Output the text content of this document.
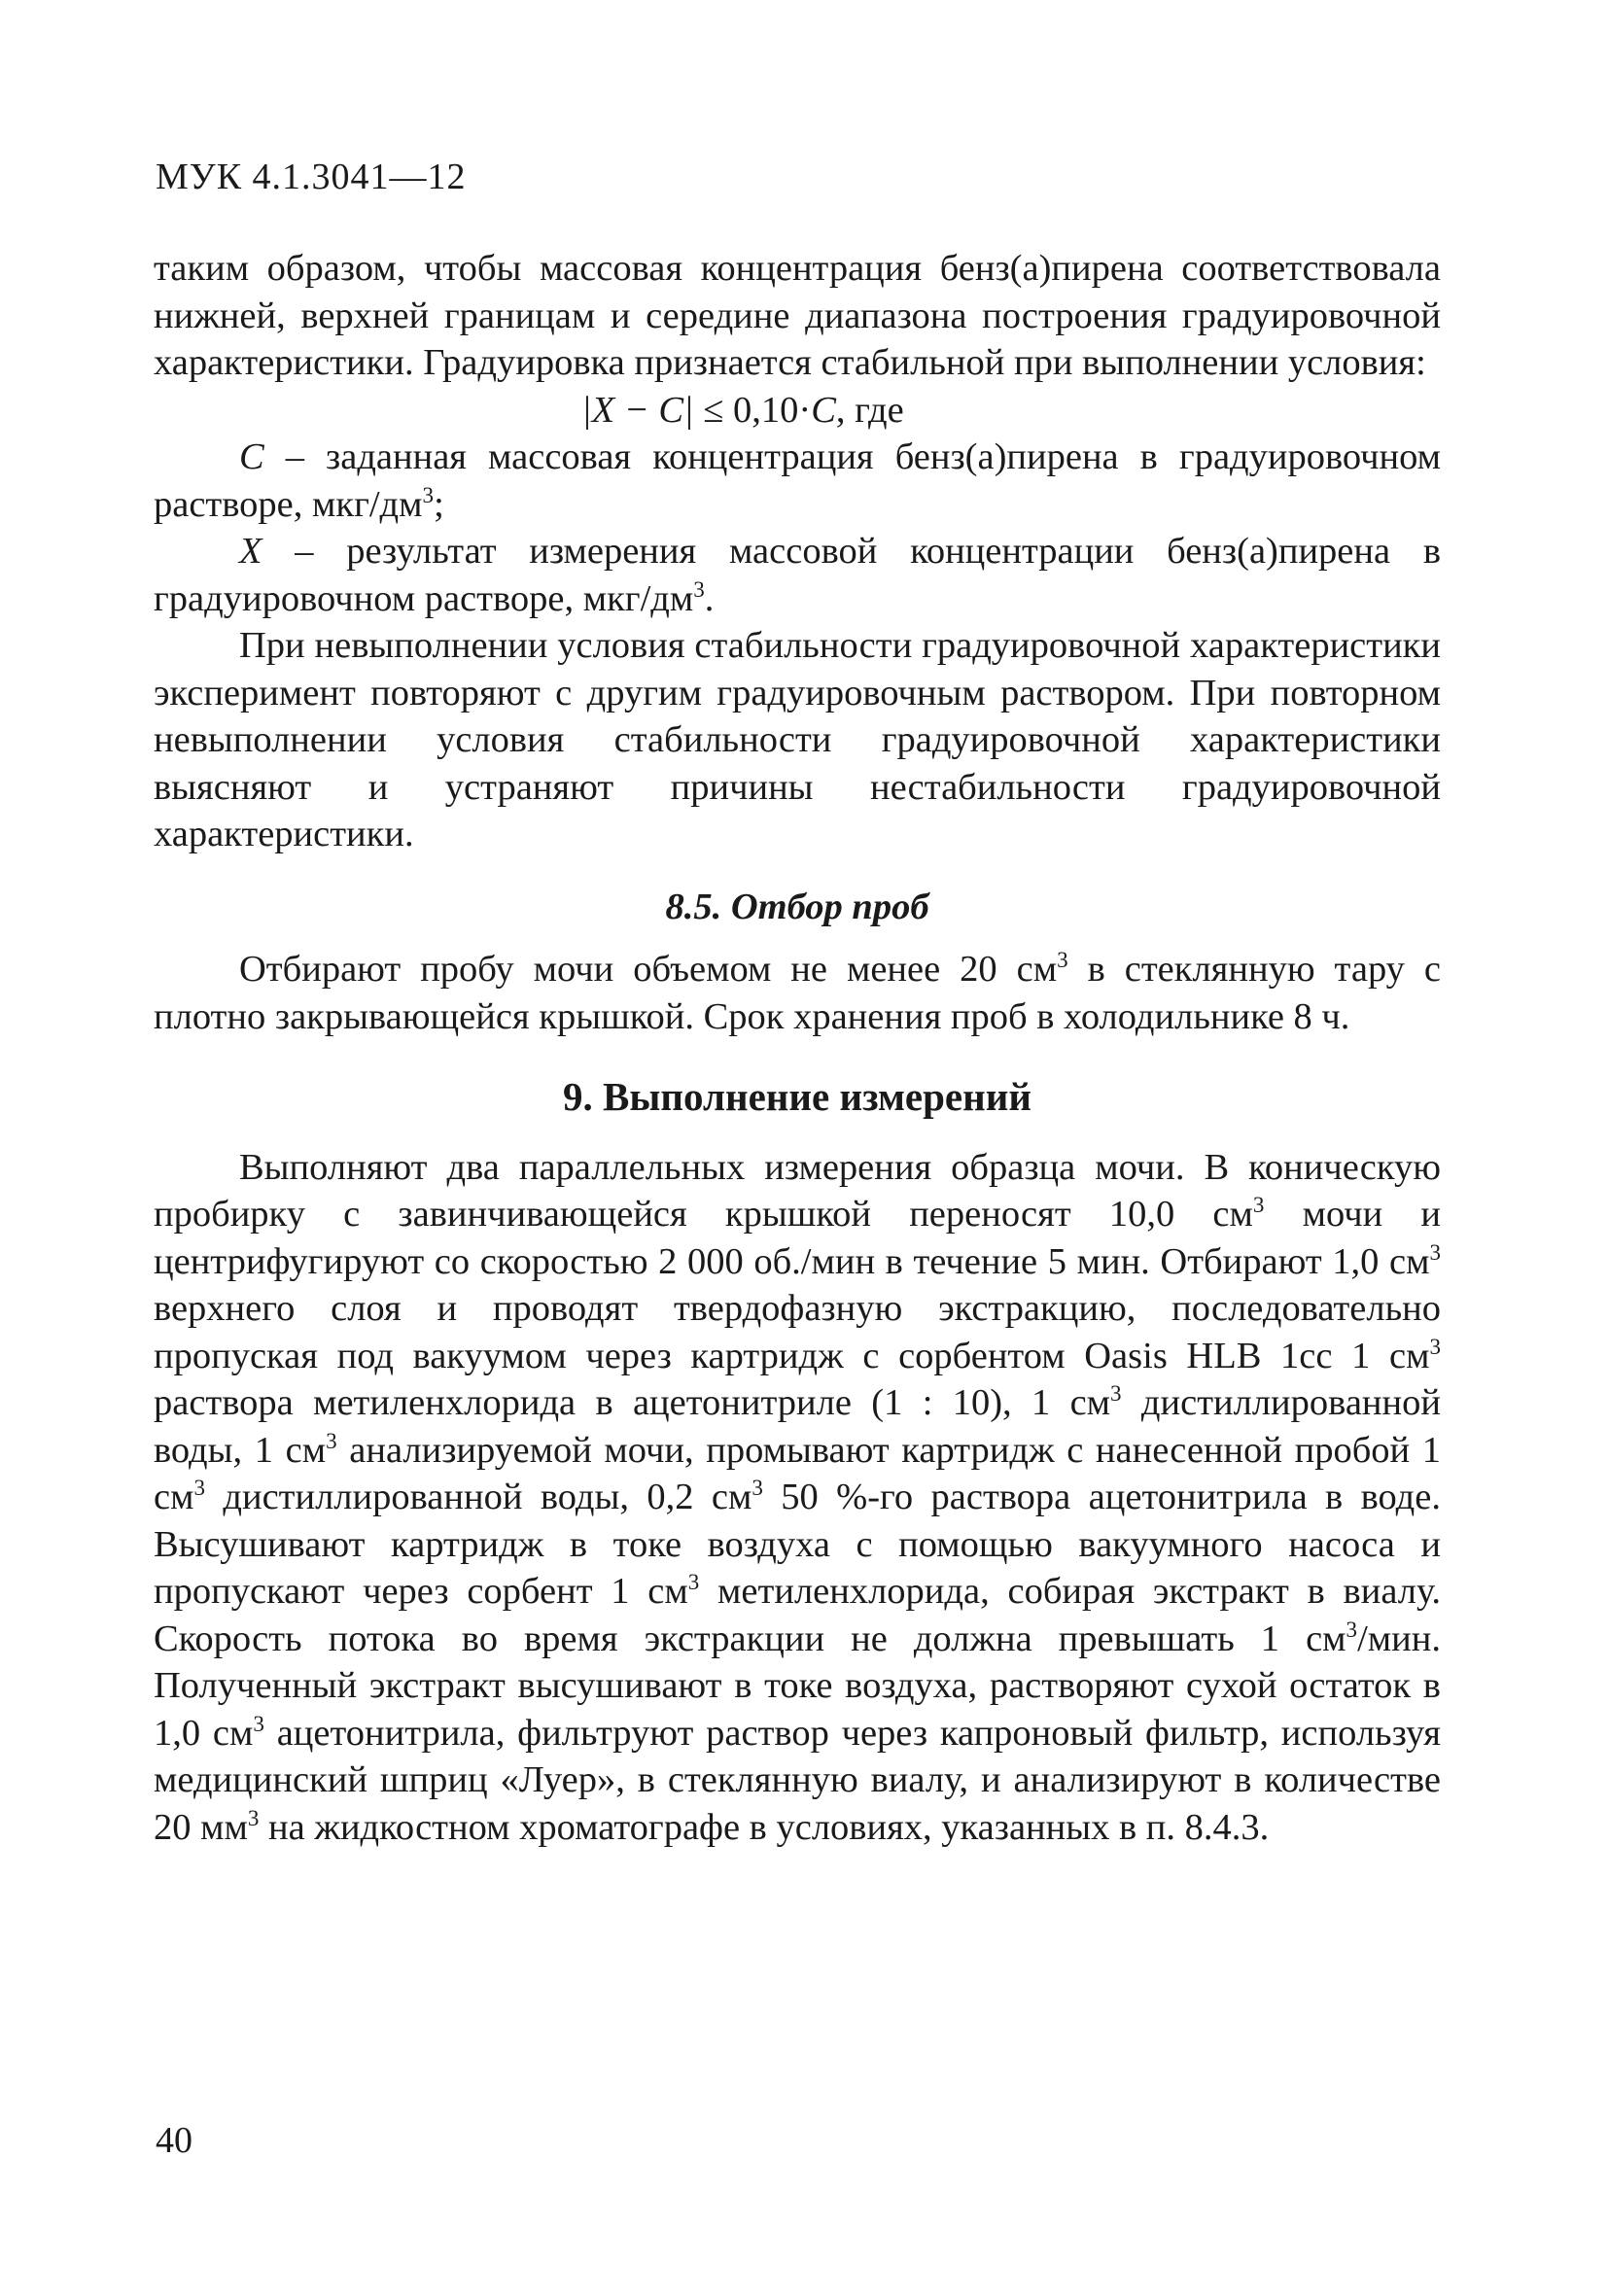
МУК 4.1.3041—12

таким образом, чтобы массовая концентрация бенз(а)пирена соответствовала нижней, верхней границам и середине диапазона построения градуировочной характеристики. Градуировка признается стабильной при выполнении условия:

|X − C| ≤ 0,10·C, где

C – заданная массовая концентрация бенз(а)пирена в градуировочном растворе, мкг/$дм^3$;

X – результат измерения массовой концентрации бенз(а)пирена в градуировочном растворе, мкг/$дм^3$.

При невыполнении условия стабильности градуировочной характеристики эксперимент повторяют с другим градуировочным раствором. При повторном невыполнении условия стабильности градуировочной характеристики выясняют и устраняют причины нестабильности градуировочной характеристики.

8.5. Отбор проб

Отбирают пробу мочи объемом не менее 20 $см^3$ в стеклянную тару с плотно закрывающейся крышкой. Срок хранения проб в холодильнике 8 ч.

9. Выполнение измерений

Выполняют два параллельных измерения образца мочи. В коническую пробирку с завинчивающейся крышкой переносят 10,0 $см^3$ мочи и центрифугируют со скоростью 2 000 об./мин в течение 5 мин. Отбирают 1,0 $см^3$ верхнего слоя и проводят твердофазную экстракцию, последовательно пропуская под вакуумом через картридж с сорбентом Oasis HLB 1cc 1 $см^3$ раствора метиленхлорида в ацетонитриле (1 : 10), 1 $см^3$ дистиллированной воды, 1 $см^3$ анализируемой мочи, промывают картридж с нанесенной пробой 1 $см^3$ дистиллированной воды, 0,2 $см^3$ 50 %-го раствора ацетонитрила в воде. Высушивают картридж в токе воздуха с помощью вакуумного насоса и пропускают через сорбент 1 $см^3$ метиленхлорида, собирая экстракт в виалу. Скорость потока во время экстракции не должна превышать 1 $см^3$/мин. Полученный экстракт высушивают в токе воздуха, растворяют сухой остаток в 1,0 $см^3$ ацетонитрила, фильтруют раствор через капроновый фильтр, используя медицинский шприц «Луер», в стеклянную виалу, и анализируют в количестве 20 $мм^3$ на жидкостном хроматографе в условиях, указанных в п. 8.4.3.

40
